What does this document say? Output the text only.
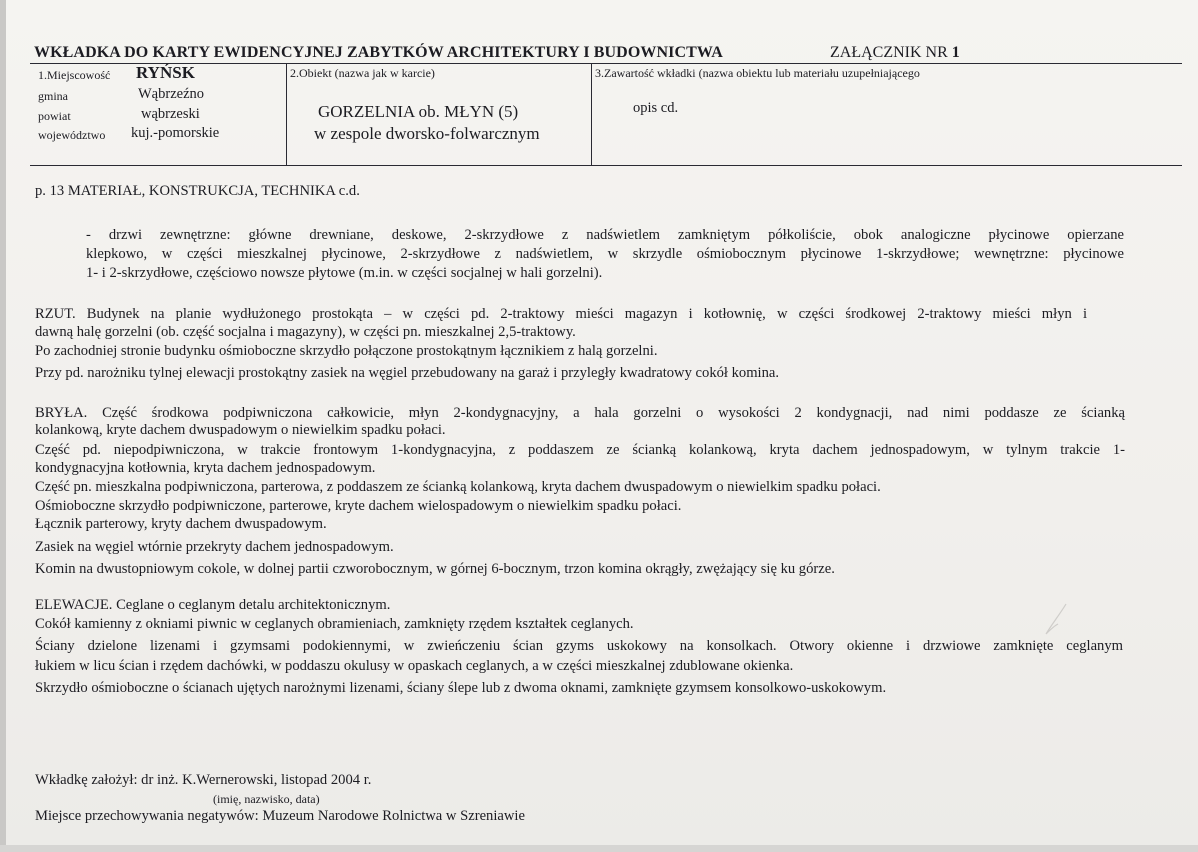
WKŁADKA DO KARTY EWIDENCYJNEJ ZABYTKÓW ARCHITEKTURY I BUDOWNICTWA	ZAŁĄCZNIK NR 1
1.Miejscowość RYŃSK
gmina	Wąbrzeźno
powiat	wąbrzeski
województwo kuj.-pomorskie
2.Obiekt (nazwa jak w karcie)
GORZELNIA ob. MŁYN (5)
w zespole dworsko-folwarcznym
3.Zawartość wkładki (nazwa obiektu lub materiału uzupełniającego
opis cd.
p. 13 MATERIAŁ, KONSTRUKCJA, TECHNIKA c.d.
- drzwi zewnętrzne: główne drewniane, deskowe, 2-skrzydłowe z nadświetlem zamkniętym półkoliście, obok analogiczne płycinowe opierzane
klepkowo, w części mieszkalnej płycinowe, 2-skrzydłowe z nadświetlem, w skrzydle ośmiobocznym płycinowe 1-skrzydłowe; wewnętrzne: płycinowe
1- i 2-skrzydłowe, częściowo nowsze płytowe (m.in. w części socjalnej w hali gorzelni).
RZUT. Budynek na planie wydłużonego prostokąta – w części pd. 2-traktowy mieści magazyn i kotłownię, w części środkowej 2-traktowy mieści młyn i
dawną halę gorzelni (ob. część socjalna i magazyny), w części pn. mieszkalnej 2,5-traktowy.
Po zachodniej stronie budynku ośmioboczne skrzydło połączone prostokątnym łącznikiem z halą gorzelni.
Przy pd. narożniku tylnej elewacji prostokątny zasiek na węgiel przebudowany na garaż i przyległy kwadratowy cokół komina.
BRYŁA. Część środkowa podpiwniczona całkowicie, młyn 2-kondygnacyjny, a hala gorzelni o wysokości 2 kondygnacji, nad nimi poddasze ze ścianką
kolankową, kryte dachem dwuspadowym o niewielkim spadku połaci.
Część pd. niepodpiwniczona, w trakcie frontowym 1-kondygnacyjna, z poddaszem ze ścianką kolankową, kryta dachem jednospadowym, w tylnym trakcie 1-
kondygnacyjna kotłownia, kryta dachem jednospadowym.
Część pn. mieszkalna podpiwniczona, parterowa, z poddaszem ze ścianką kolankową, kryta dachem dwuspadowym o niewielkim spadku połaci.
Ośmioboczne skrzydło podpiwniczone, parterowe, kryte dachem wielospadowym o niewielkim spadku połaci.
Łącznik parterowy, kryty dachem dwuspadowym.
Zasiek na węgiel wtórnie przekryty dachem jednospadowym.
Komin na dwustopniowym cokole, w dolnej partii czworobocznym, w górnej 6-bocznym, trzon komina okrągły, zwężający się ku górze.
ELEWACJE. Ceglane o ceglanym detalu architektonicznym.
Cokół kamienny z okniami piwnic w ceglanych obramieniach, zamknięty rzędem kształtek ceglanych.
Ściany dzielone lizenami i gzymsami podokiennymi, w zwieńczeniu ścian gzyms uskokowy na konsolkach. Otwory okienne i drzwiowe zamknięte ceglanym
łukiem w licu ścian i rzędem dachówki, w poddaszu okulusy w opaskach ceglanych, a w części mieszkalnej zdublowane okienka.
Skrzydło ośmioboczne o ścianach ujętych narożnymi lizenami, ściany ślepe lub z dwoma oknami, zamknięte gzymsem konsolkowo-uskokowym.
Wkładkę założył: dr inż. K.Wernerowski, listopad 2004 r.
(imię, nazwisko, data)
Miejsce przechowywania negatywów: Muzeum Narodowe Rolnictwa w Szreniawie
